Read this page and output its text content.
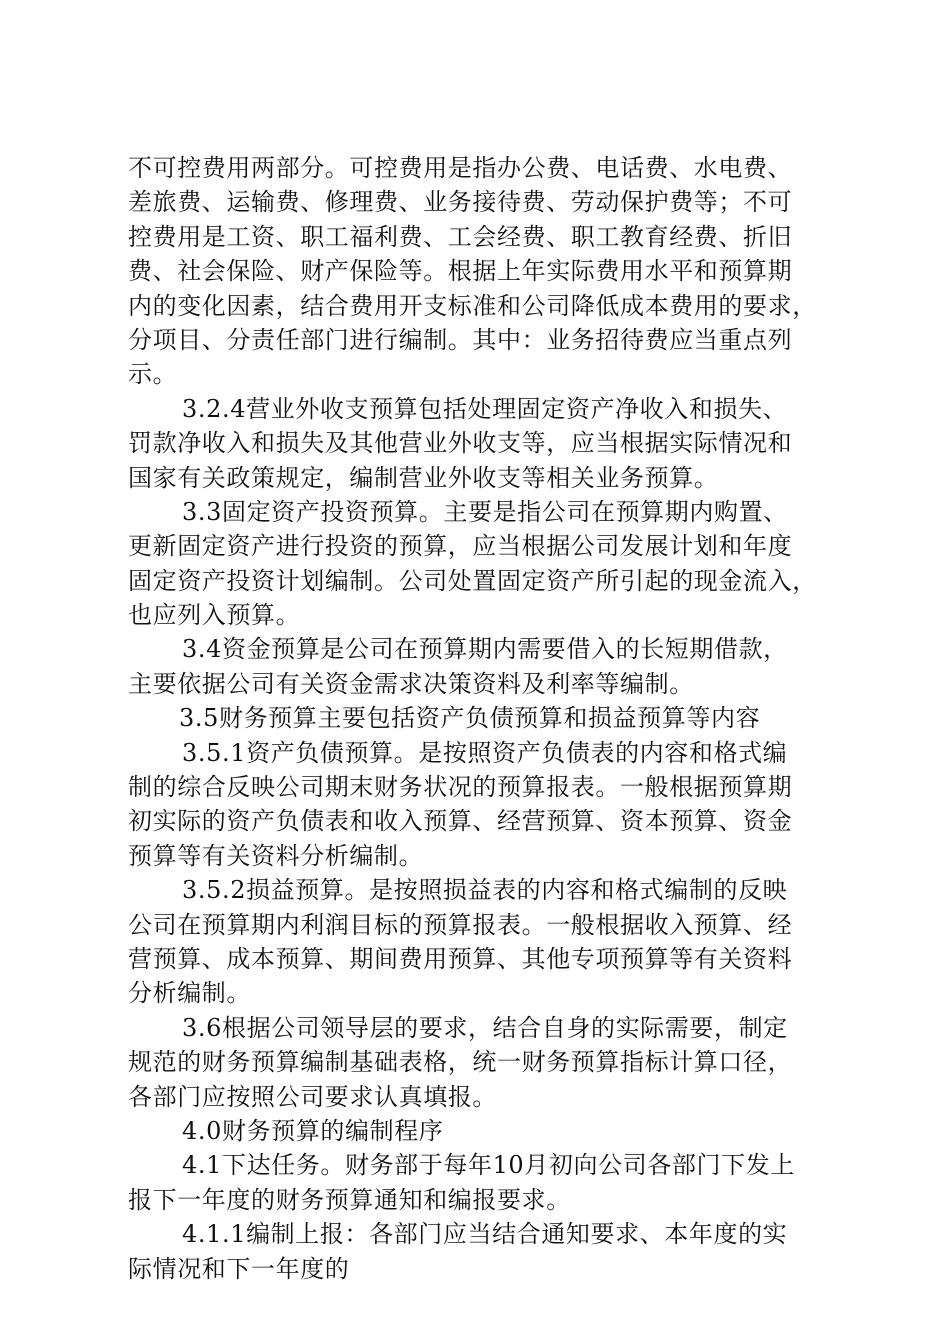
不可控费用两部分。可控费用是指办公费、电话费、水电费、
差旅费、运输费、修理费、业务接待费、劳动保护费等；不可
控费用是工资、职工福利费、工会经费、职工教育经费、折旧
费、社会保险、财产保险等。根据上年实际费用水平和预算期
内的变化因素，结合费用开支标准和公司降低成本费用的要求，
分项目、分责任部门进行编制。其中：业务招待费应当重点列
示。
3.2.4营业外收支预算包括处理固定资产净收入和损失、
罚款净收入和损失及其他营业外收支等，应当根据实际情况和
国家有关政策规定，编制营业外收支等相关业务预算。
3.3固定资产投资预算。主要是指公司在预算期内购置、
更新固定资产进行投资的预算，应当根据公司发展计划和年度
固定资产投资计划编制。公司处置固定资产所引起的现金流入，
也应列入预算。
3.4资金预算是公司在预算期内需要借入的长短期借款，
主要依据公司有关资金需求决策资料及利率等编制。
3.5财务预算主要包括资产负债预算和损益预算等内容
3.5.1资产负债预算。是按照资产负债表的内容和格式编
制的综合反映公司期末财务状况的预算报表。一般根据预算期
初实际的资产负债表和收入预算、经营预算、资本预算、资金
预算等有关资料分析编制。
3.5.2损益预算。是按照损益表的内容和格式编制的反映
公司在预算期内利润目标的预算报表。一般根据收入预算、经
营预算、成本预算、期间费用预算、其他专项预算等有关资料
分析编制。
3.6根据公司领导层的要求，结合自身的实际需要，制定
规范的财务预算编制基础表格，统一财务预算指标计算口径，
各部门应按照公司要求认真填报。
4.0财务预算的编制程序
4.1下达任务。财务部于每年10月初向公司各部门下发上
报下一年度的财务预算通知和编报要求。
4.1.1编制上报：各部门应当结合通知要求、本年度的实
际情况和下一年度的
